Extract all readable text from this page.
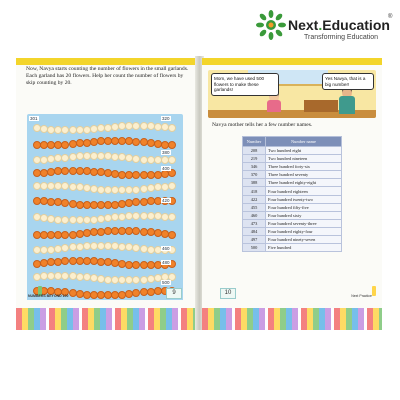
Next.Education
®
Transforming Education
Now, Navya starts counting the number of flowers in the small garlands. Each garland has 20 flowers. Help her count the number of flowers by skip counting by 20.
301	320
380
400
420
460
480
500
NUMBERS BEYOND 100	9
Mom, we have used 500 flowers to make these garlands!
Yes Navya, that is a big number!
Navya mother tells her a few number names.
Number	Number name
208	Two hundred eight
219	Two hundred nineteen
346	Three hundred forty-six
370	Three hundred seventy
388	Three hundred eighty-eight
418	Four hundred eighteen
422	Four hundred twenty-two
455	Four hundred fifty-five
460	Four hundred sixty
473	Four hundred seventy-three
484	Four hundred eighty-four
497	Four hundred ninety-seven
500	Five hundred
10	Next Practice
